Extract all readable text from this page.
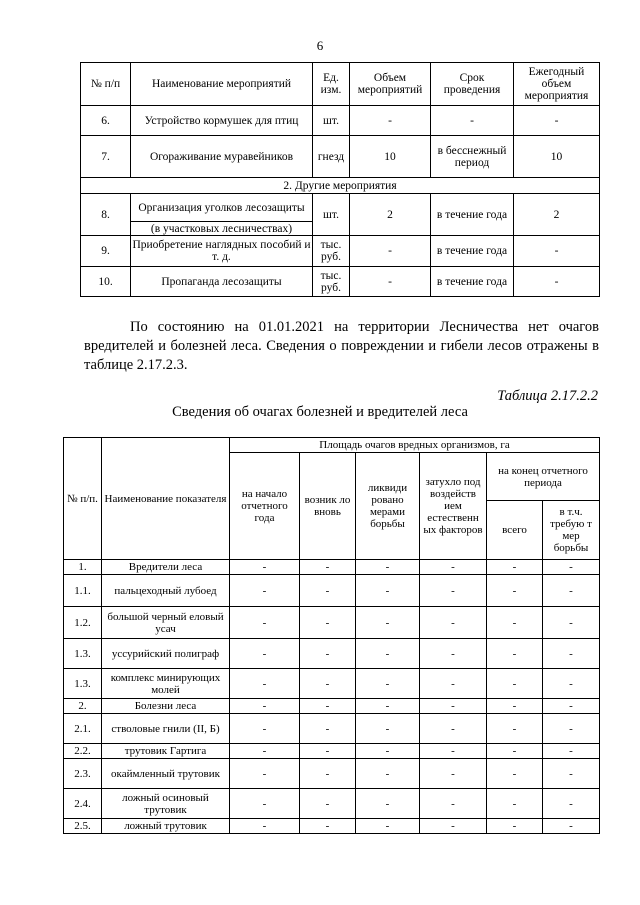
6
№ п/п	Наименование мероприятий	Ед. изм.	Объем мероприятий	Срок проведения	Ежегодный объем мероприятия
6.	Устройство кормушек для птиц	шт.	-	-	-
7.	Огораживание муравейников	гнезд	10	в бесснежный период	10
2. Другие мероприятия					
8.	Организация уголков лесозащиты	шт.	2	в течение года	2
	(в участковых лесничествах)				
9.	Приобретение наглядных пособий и т. д.	тыс. руб.	-	в течение года	-
10.	Пропаганда лесозащиты	тыс. руб.	-	в течение года	-
По состоянию на 01.01.2021 на территории Лесничества нет очагов вредителей и болезней леса. Сведения о повреждении и гибели лесов отражены в таблице 2.17.2.3.
Таблица 2.17.2.2
Сведения об очагах болезней и вредителей леса
№ п/п.	Наименование показателя	Площадь очагов вредных организмов, га					
		на начало отчетного года	возник ло вновь	ликвиди ровано мерами борьбы	затухло под воздейств ием естественн ых факторов	на конец отчетного периода	
						всего	в т.ч. требую т мер борьбы
1.	Вредители леса	-	-	-	-	-	-
1.1.	пальцеходный лубоед	-	-	-	-	-	-
1.2.	большой черный еловый усач	-	-	-	-	-	-
1.3.	уссурийский полиграф	-	-	-	-	-	-
1.3.	комплекс минирующих молей	-	-	-	-	-	-
2.	Болезни леса	-	-	-	-	-	-
2.1.	стволовые гнили (II, Б)	-	-	-	-	-	-
2.2.	трутовик Гартига	-	-	-	-	-	-
2.3.	окаймленный трутовик	-	-	-	-	-	-
2.4.	ложный осиновый трутовик	-	-	-	-	-	-
2.5.	ложный трутовик	-	-	-	-	-	-
